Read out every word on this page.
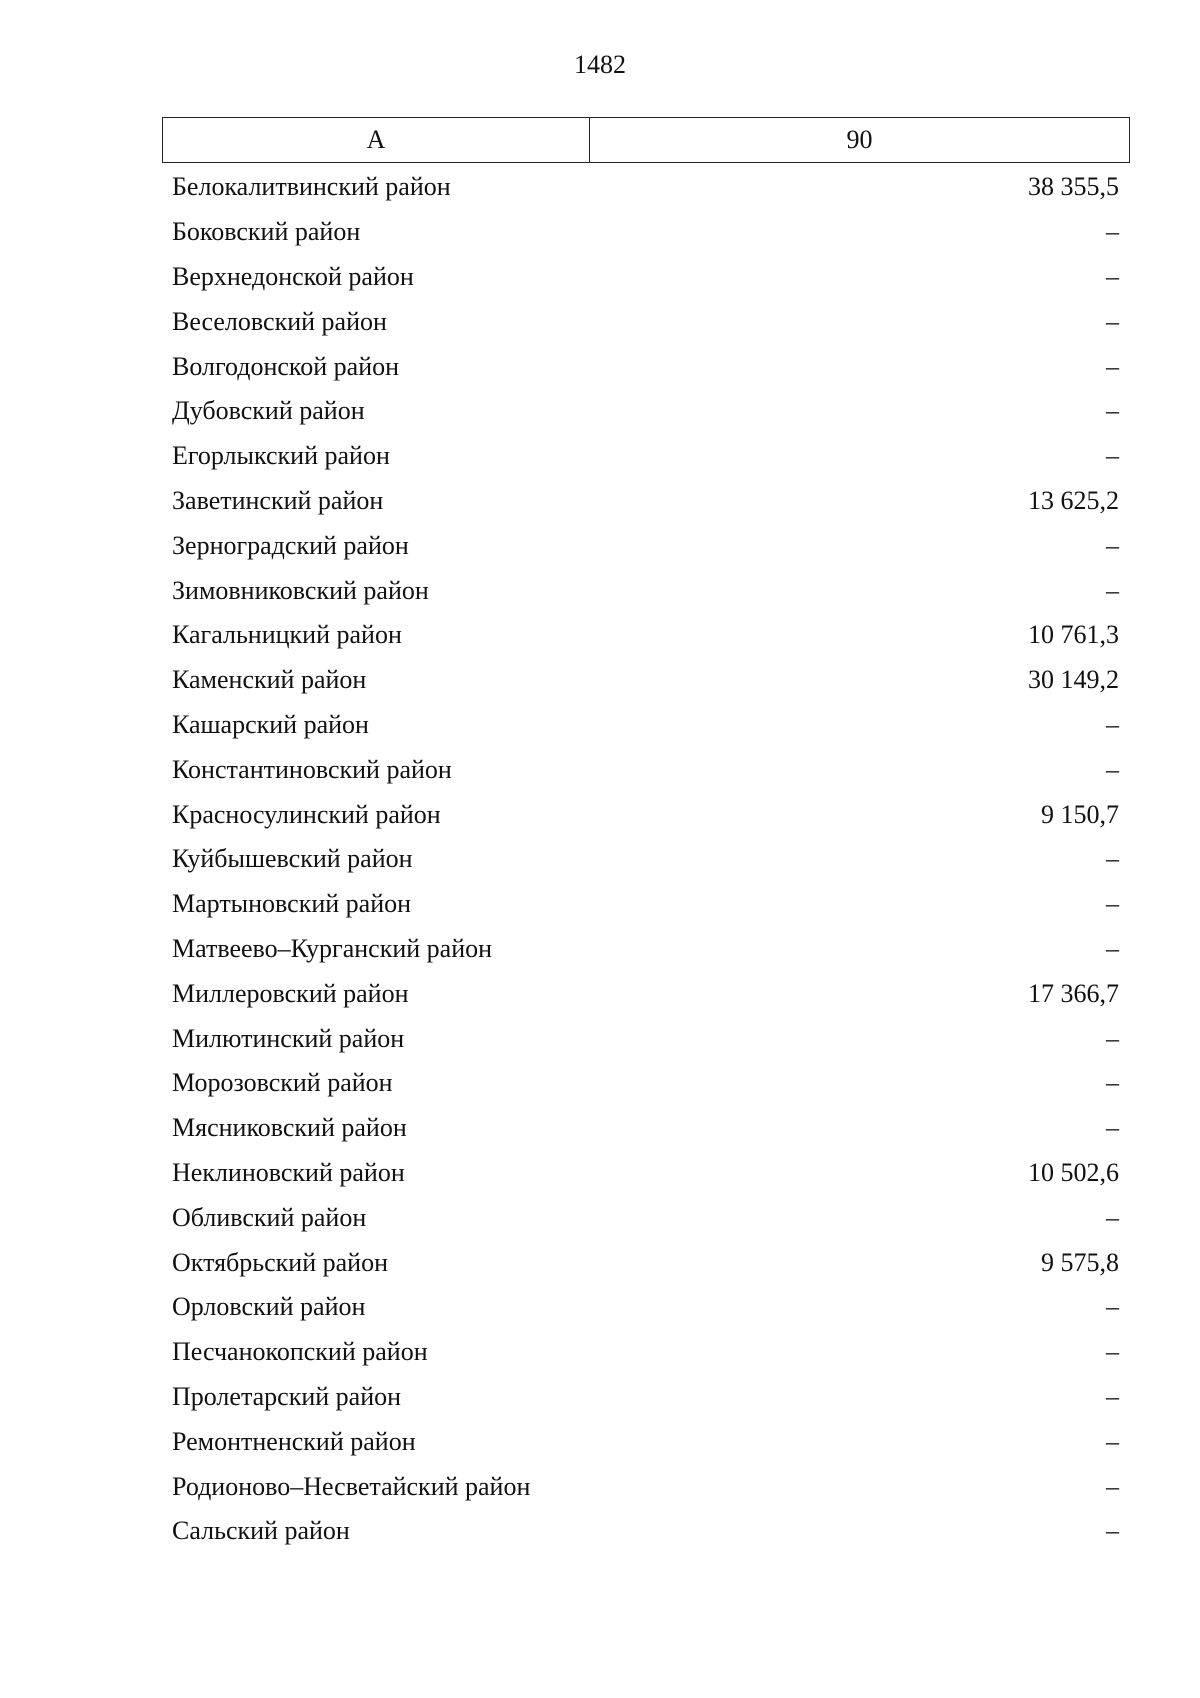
1482
А	90
Белокалитвинский район	38 355,5
Боковский район	–
Верхнедонской район	–
Веселовский район	–
Волгодонской район	–
Дубовский район	–
Егорлыкский район	–
Заветинский район	13 625,2
Зерноградский район	–
Зимовниковский район	–
Кагальницкий район	10 761,3
Каменский район	30 149,2
Кашарский район	–
Константиновский район	–
Красносулинский район	9 150,7
Куйбышевский район	–
Мартыновский район	–
Матвеево–Курганский район	–
Миллеровский район	17 366,7
Милютинский район	–
Морозовский район	–
Мясниковский район	–
Неклиновский район	10 502,6
Обливский район	–
Октябрьский район	9 575,8
Орловский район	–
Песчанокопский район	–
Пролетарский район	–
Ремонтненский район	–
Родионово–Несветайский район	–
Сальский район	–
